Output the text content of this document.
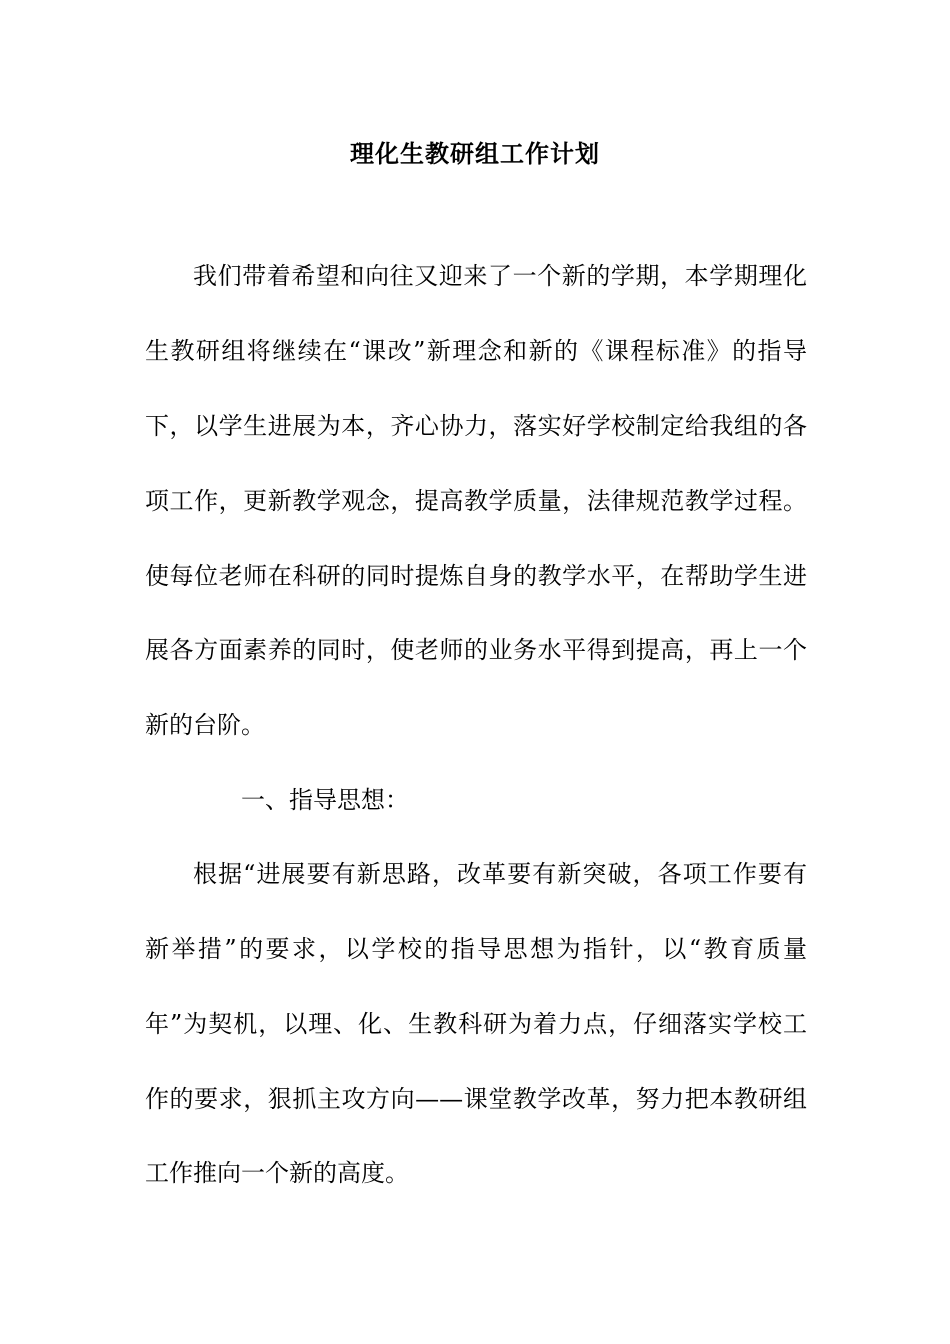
理化生教研组工作计划
我们带着希望和向往又迎来了一个新的学期，本学期理化
生教研组将继续在“课改”新理念和新的《课程标准》的指导
下，以学生进展为本，齐心协力，落实好学校制定给我组的各
项工作，更新教学观念，提高教学质量，法律规范教学过程。
使每位老师在科研的同时提炼自身的教学水平，在帮助学生进
展各方面素养的同时，使老师的业务水平得到提高，再上一个
新的台阶。
一、指导思想：
根据“进展要有新思路，改革要有新突破，各项工作要有
新举措”的要求，以学校的指导思想为指针，以“教育质量
年”为契机，以理、化、生教科研为着力点，仔细落实学校工
作的要求，狠抓主攻方向——课堂教学改革，努力把本教研组
工作推向一个新的高度。
